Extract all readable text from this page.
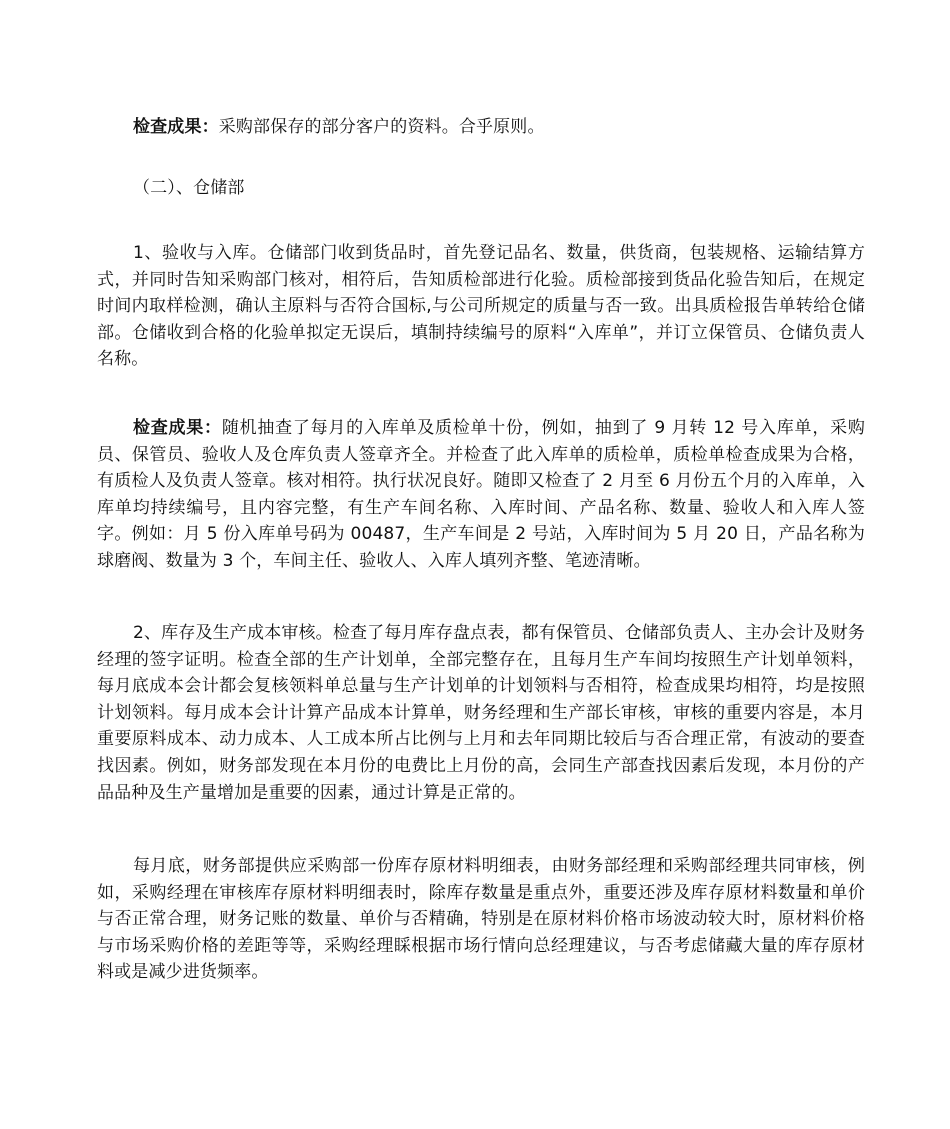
检查成果：采购部保存的部分客户的资料。合乎原则。

（二）、仓储部

1、验收与入库。仓储部门收到货品时，首先登记品名、数量，供货商，包装规格、运输结算方式，并同时告知采购部门核对，相符后，告知质检部进行化验。质检部接到货品化验告知后，在规定时间内取样检测，确认主原料与否符合国标,与公司所规定的质量与否一致。出具质检报告单转给仓储部。仓储收到合格的化验单拟定无误后，填制持续编号的原料“入库单”，并订立保管员、仓储负责人名称。

检查成果：随机抽查了每月的入库单及质检单十份，例如，抽到了 9 月转 12 号入库单，采购员、保管员、验收人及仓库负责人签章齐全。并检查了此入库单的质检单，质检单检查成果为合格，有质检人及负责人签章。核对相符。执行状况良好。随即又检查了 2 月至 6 月份五个月的入库单，入库单均持续编号，且内容完整，有生产车间名称、入库时间、产品名称、数量、验收人和入库人签字。例如：月 5 份入库单号码为 00487，生产车间是 2 号站，入库时间为 5 月 20 日，产品名称为球磨阀、数量为 3 个，车间主任、验收人、入库人填列齐整、笔迹清晰。

2、库存及生产成本审核。检查了每月库存盘点表，都有保管员、仓储部负责人、主办会计及财务经理的签字证明。检查全部的生产计划单，全部完整存在，且每月生产车间均按照生产计划单领料，每月底成本会计都会复核领料单总量与生产计划单的计划领料与否相符，检查成果均相符，均是按照计划领料。每月成本会计计算产品成本计算单，财务经理和生产部长审核，审核的重要内容是，本月重要原料成本、动力成本、人工成本所占比例与上月和去年同期比较后与否合理正常，有波动的要查找因素。例如，财务部发现在本月份的电费比上月份的高，会同生产部查找因素后发现，本月份的产品品种及生产量增加是重要的因素，通过计算是正常的。

每月底，财务部提供应采购部一份库存原材料明细表，由财务部经理和采购部经理共同审核，例如，采购经理在审核库存原材料明细表时，除库存数量是重点外，重要还涉及库存原材料数量和单价与否正常合理，财务记账的数量、单价与否精确，特别是在原材料价格市场波动较大时，原材料价格与市场采购价格的差距等等，采购经理睬根据市场行情向总经理建议，与否考虑储藏大量的库存原材料或是减少进货频率。
